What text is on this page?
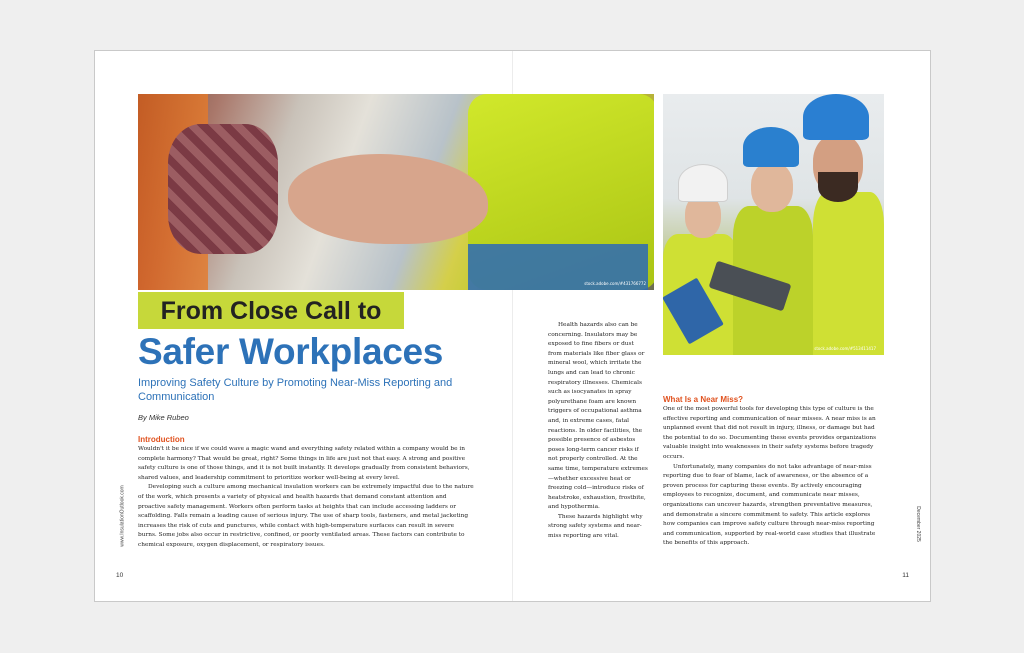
stock.adobe.com/#431766772
stock.adobe.com/#513411417
From Close Call to
Safer Workplaces

Improving Safety Culture by Promoting Near-Miss Reporting and Communication

By Mike Rubeo

Introduction

Wouldn't it be nice if we could wave a magic wand and everything safety related within a company would be in complete harmony? That would be great, right? Some things in life are just not that easy. A strong and positive safety culture is one of those things, and it is not built instantly. It develops gradually from consistent behaviors, shared values, and leadership commitment to prioritize worker well-being at every level.

Developing such a culture among mechanical insulation workers can be extremely impactful due to the nature of the work, which presents a variety of physical and health hazards that demand constant attention and proactive safety management. Workers often perform tasks at heights that can include accessing ladders or scaffolding. Falls remain a leading cause of serious injury. The use of sharp tools, fasteners, and metal jacketing increases the risk of cuts and punctures, while contact with high-temperature surfaces can result in severe burns. Some jobs also occur in restrictive, confined, or poorly ventilated areas. These factors can contribute to chemical exposure, oxygen displacement, or respiratory issues.

Health hazards also can be concerning. Insulators may be exposed to fine fibers or dust from materials like fiber glass or mineral wool, which irritate the lungs and can lead to chronic respiratory illnesses. Chemicals such as isocyanates in spray polyurethane foam are known triggers of occupational asthma and, in extreme cases, fatal reactions. In older facilities, the possible presence of asbestos poses long-term cancer risks if not properly controlled. At the same time, temperature extremes—whether excessive heat or freezing cold—introduce risks of heatstroke, exhaustion, frostbite, and hypothermia.

These hazards highlight why strong safety systems and near-miss reporting are vital.

What Is a Near Miss?

One of the most powerful tools for developing this type of culture is the effective reporting and communication of near misses. A near miss is an unplanned event that did not result in injury, illness, or damage but had the potential to do so. Documenting these events provides organizations valuable insight into weaknesses in their safety systems before tragedy occurs.

Unfortunately, many companies do not take advantage of near-miss reporting due to fear of blame, lack of awareness, or the absence of a proven process for capturing these events. By actively encouraging employees to recognize, document, and communicate near misses, organizations can uncover hazards, strengthen preventative measures, and demonstrate a sincere commitment to safety. This article explores how companies can improve safety culture through near-miss reporting and communication, supported by real-world case studies that illustrate the benefits of this approach.

10	11
www.InsulationOutlook.com	December 2025
